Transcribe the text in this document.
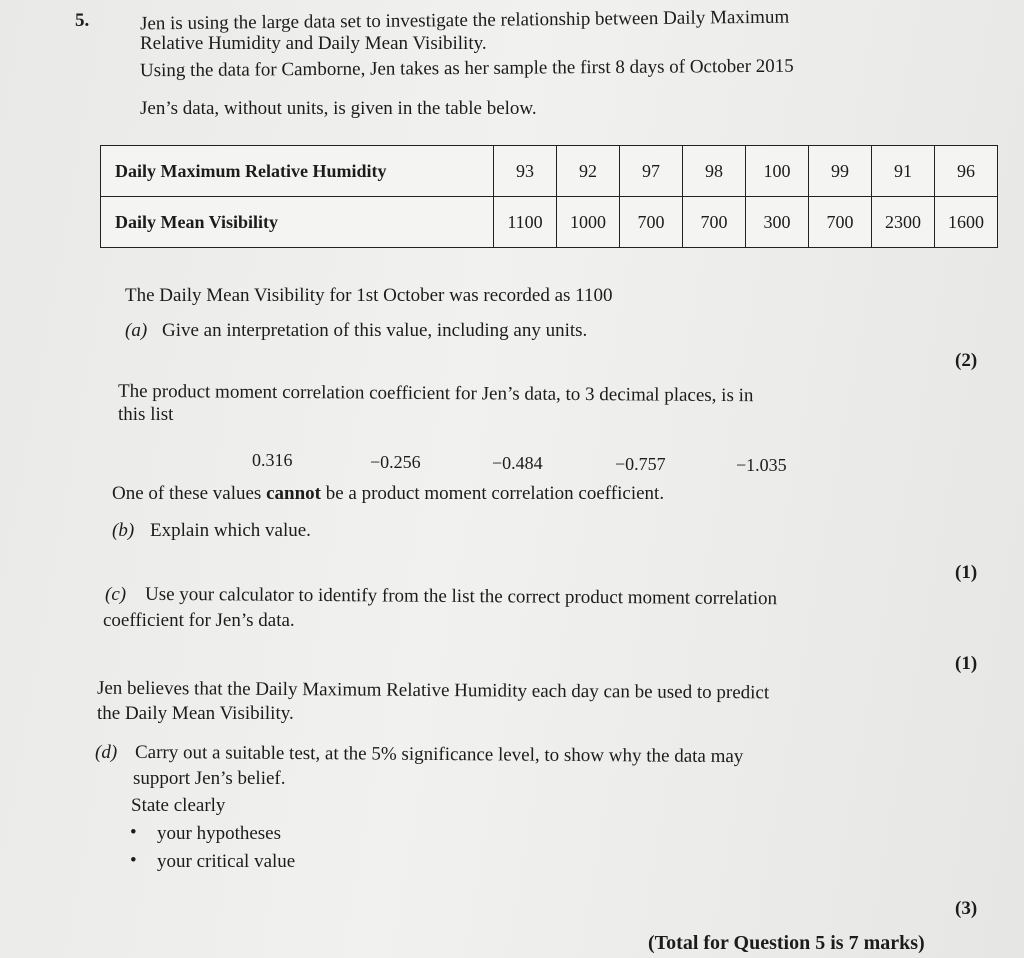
5.	Jen is using the large data set to investigate the relationship between Daily Maximum
Relative Humidity and Daily Mean Visibility.
Using the data for Camborne, Jen takes as her sample the first 8 days of October 2015
Jen’s data, without units, is given in the table below.
Daily Maximum Relative Humidity	93	92	97	98	100	99	91	96
Daily Mean Visibility	1100	1000	700	700	300	700	2300	1600
The Daily Mean Visibility for 1st October was recorded as 1100
(a) Give an interpretation of this value, including any units.
(2)
The product moment correlation coefficient for Jen’s data, to 3 decimal places, is in
this list
0.316	−0.256	−0.484	−0.757	−1.035
One of these values cannot be a product moment correlation coefficient.
(b) Explain which value.
(1)
(c) Use your calculator to identify from the list the correct product moment correlation
coefficient for Jen’s data.
(1)
Jen believes that the Daily Maximum Relative Humidity each day can be used to predict
the Daily Mean Visibility.
(d) Carry out a suitable test, at the 5% significance level, to show why the data may
support Jen’s belief.
State clearly
• your hypotheses
• your critical value
(3)
(Total for Question 5 is 7 marks)
